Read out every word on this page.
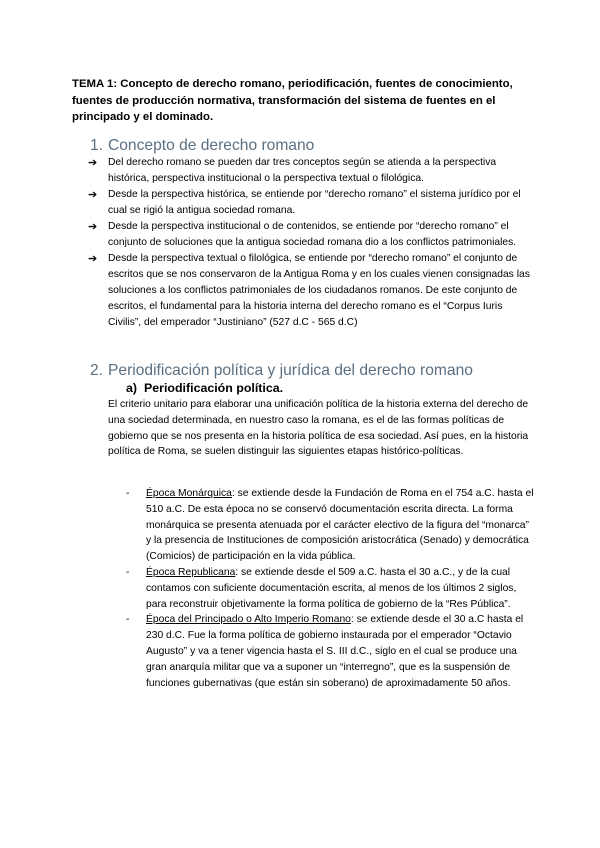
TEMA 1: Concepto de derecho romano, periodificación, fuentes de conocimiento, fuentes de producción normativa, transformación del sistema de fuentes en el principado y el dominado.
1. Concepto de derecho romano
➔ Del derecho romano se pueden dar tres conceptos según se atienda a la perspectiva histórica, perspectiva institucional o la perspectiva textual o filológica.
➔ Desde la perspectiva histórica, se entiende por “derecho romano” el sistema jurídico por el cual se rigió la antigua sociedad romana.
➔ Desde la perspectiva institucional o de contenidos, se entiende por “derecho romano” el conjunto de soluciones que la antigua sociedad romana dio a los conflictos patrimoniales.
➔ Desde la perspectiva textual o filológica, se entiende por “derecho romano” el conjunto de escritos que se nos conservaron de la Antigua Roma y en los cuales vienen consignadas las soluciones a los conflictos patrimoniales de los ciudadanos romanos. De este conjunto de escritos, el fundamental para la historia interna del derecho romano es el “Corpus Iuris Civilis”, del emperador “Justiniano” (527 d.C - 565 d.C)
2. Periodificación política y jurídica del derecho romano
a) Periodificación política.
El criterio unitario para elaborar una unificación política de la historia externa del derecho de una sociedad determinada, en nuestro caso la romana, es el de las formas políticas de gobierno que se nos presenta en la historia política de esa sociedad. Así pues, en la historia política de Roma, se suelen distinguir las siguientes etapas histórico-políticas.
- Época Monárquica: se extiende desde la Fundación de Roma en el 754 a.C. hasta el 510 a.C. De esta época no se conservó documentación escrita directa. La forma monárquica se presenta atenuada por el carácter electivo de la figura del “monarca” y la presencia de Instituciones de composición aristocrática (Senado) y democrática (Comicios) de participación en la vida pública.
- Época Republicana: se extiende desde el 509 a.C. hasta el 30 a.C., y de la cual contamos con suficiente documentación escrita, al menos de los últimos 2 siglos, para reconstruir objetivamente la forma política de gobierno de la “Res Pública”.
- Época del Principado o Alto Imperio Romano: se extiende desde el 30 a.C hasta el 230 d.C. Fue la forma política de gobierno instaurada por el emperador “Octavio Augusto” y va a tener vigencia hasta el S. III d.C., siglo en el cual se produce una gran anarquía militar que va a suponer un “interregno”, que es la suspensión de funciones gubernativas (que están sin soberano) de aproximadamente 50 años.
